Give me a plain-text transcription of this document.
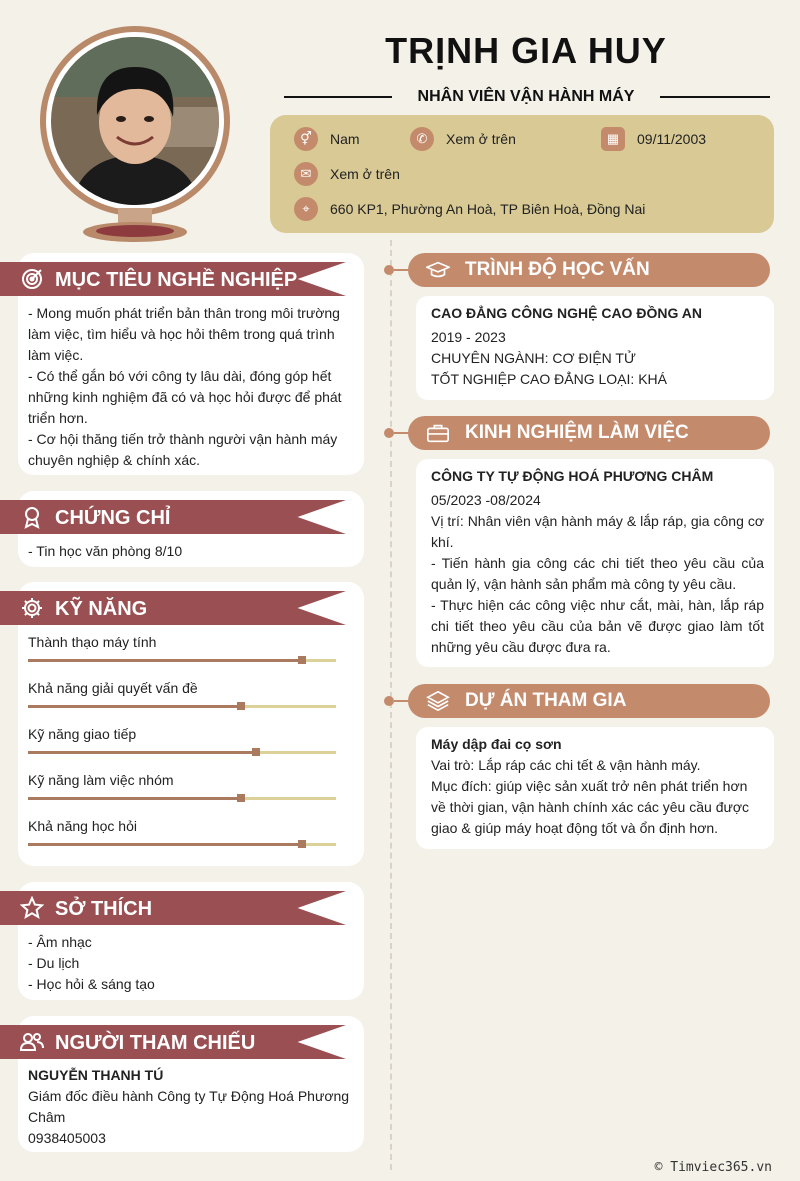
TRỊNH GIA HUY
NHÂN VIÊN VẬN HÀNH MÁY
⚥	Nam	✆	Xem ở trên	▦	09/11/2003
✉	Xem ở trên
⌖	660 KP1, Phường An Hoà, TP Biên Hoà, Đồng Nai
MỤC TIÊU NGHỀ NGHIỆP
- Mong muốn phát triển bản thân trong môi trường
làm việc, tìm hiểu và học hỏi thêm trong quá trình
làm việc.
- Có thể gắn bó với công ty lâu dài, đóng góp hết
những kinh nghiệm đã có và học hỏi được để phát
triển hơn.
- Cơ hội thăng tiến trở thành người vận hành máy
chuyên nghiệp & chính xác.
CHỨNG CHỈ
- Tin học văn phòng 8/10
KỸ NĂNG
Thành thạo máy tính
Khả năng giải quyết vấn đề
Kỹ năng giao tiếp
Kỹ năng làm việc nhóm
Khả năng học hỏi
SỞ THÍCH
- Âm nhạc
- Du lịch
- Học hỏi & sáng tạo
NGƯỜI THAM CHIẾU
NGUYỄN THANH TÚ
Giám đốc điều hành Công ty Tự Động Hoá Phương
Châm
0938405003
TRÌNH ĐỘ HỌC VẤN
CAO ĐẲNG CÔNG NGHỆ CAO ĐỒNG AN
2019 - 2023
CHUYÊN NGÀNH: CƠ ĐIỆN TỬ
TỐT NGHIỆP CAO ĐẲNG LOẠI: KHÁ
KINH NGHIỆM LÀM VIỆC
CÔNG TY TỰ ĐỘNG HOÁ PHƯƠNG CHÂM
05/2023 -08/2024
Vị trí: Nhân viên vận hành máy & lắp ráp, gia công cơ khí.
- Tiến hành gia công các chi tiết theo yêu cầu của quản lý, vận hành sản phẩm mà công ty yêu cầu.
- Thực hiện các công việc như cắt, mài, hàn, lắp ráp chi tiết theo yêu cầu của bản vẽ được giao làm tốt những yêu cầu được đưa ra.
DỰ ÁN THAM GIA
Máy dập đai cọ sơn
Vai trò: Lắp ráp các chi tết & vận hành máy.
Mục đích: giúp việc sản xuất trở nên phát triển hơn về thời gian, vận hành chính xác các yêu cầu được giao & giúp máy hoạt động tốt và ổn định hơn.
© Timviec365.vn
